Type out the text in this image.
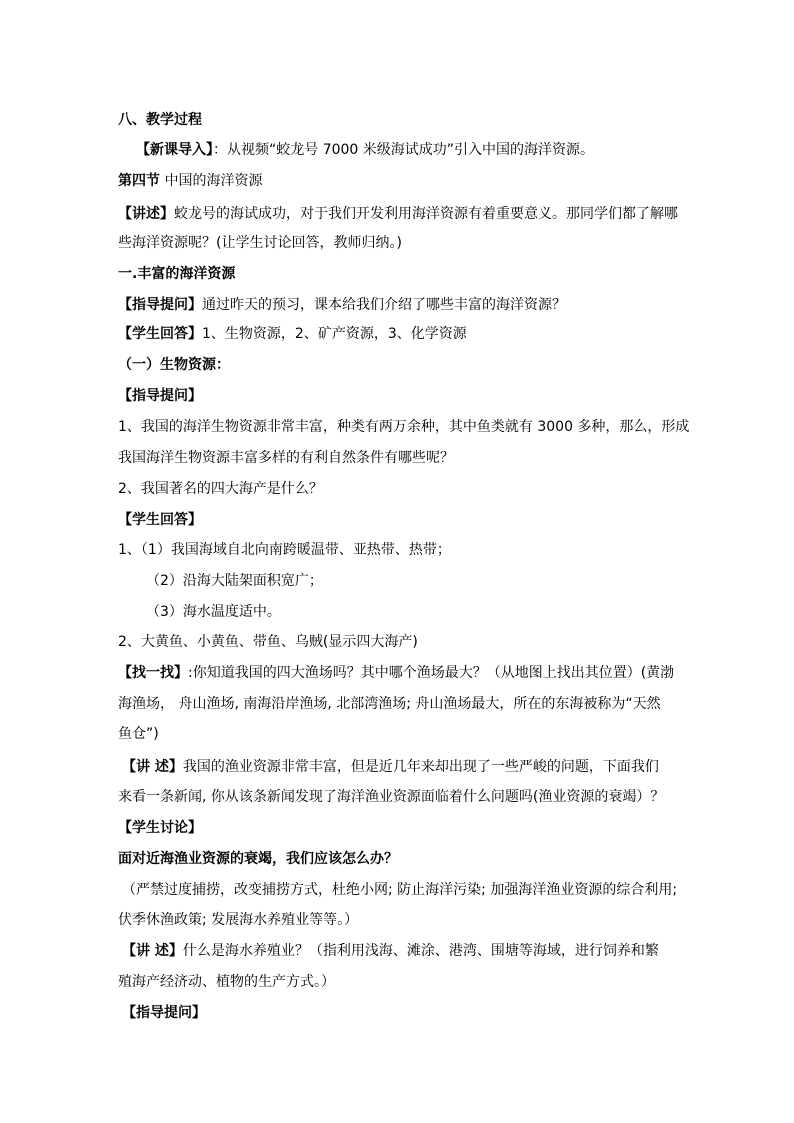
八、教学过程
【新课导入】：从视频“蛟龙号 7000 米级海试成功”引入中国的海洋资源。
第四节 中国的海洋资源
【讲述】蛟龙号的海试成功，对于我们开发利用海洋资源有着重要意义。那同学们都了解哪
些海洋资源呢？(让学生讨论回答，教师归纳。)
一.丰富的海洋资源
【指导提问】通过昨天的预习，课本给我们介绍了哪些丰富的海洋资源？
【学生回答】1、生物资源，2、矿产资源，3、化学资源
（一）生物资源：
【指导提问】
1、我国的海洋生物资源非常丰富，种类有两万余种，其中鱼类就有 3000 多种，那么，形成
我国海洋生物资源丰富多样的有利自然条件有哪些呢？
2、我国著名的四大海产是什么？
【学生回答】
1、（1）我国海域自北向南跨暖温带、亚热带、热带；
（2）沿海大陆架面积宽广；
（3）海水温度适中。
2、大黄鱼、小黄鱼、带鱼、乌贼(显示四大海产)
【找一找】:你知道我国的四大渔场吗？其中哪个渔场最大？（从地图上找出其位置）(黄渤
海渔场， 舟山渔场, 南海沿岸渔场, 北部湾渔场; 舟山渔场最大，所在的东海被称为“天然
鱼仓”)
【讲 述】我国的渔业资源非常丰富，但是近几年来却出现了一些严峻的问题，下面我们
来看一条新闻, 你从该条新闻发现了海洋渔业资源面临着什么问题吗(渔业资源的衰竭）？
【学生讨论】
面对近海渔业资源的衰竭，我们应该怎么办？
（严禁过度捕捞，改变捕捞方式，杜绝小网; 防止海洋污染; 加强海洋渔业资源的综合利用;
伏季休渔政策; 发展海水养殖业等等。）
【讲 述】什么是海水养殖业？（指利用浅海、滩涂、港湾、围塘等海域，进行饲养和繁
殖海产经济动、植物的生产方式。）
【指导提问】
